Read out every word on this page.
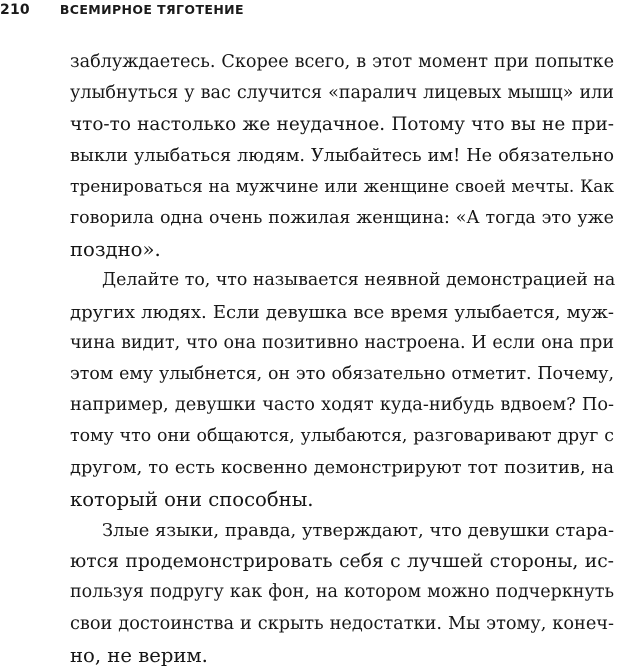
210 ВСЕМИРНОЕ ТЯГОТЕНИЕ

заблуждаетесь. Скорее всего, в этот момент при попытке
улыбнуться у вас случится «паралич лицевых мышц» или
что-то настолько же неудачное. Потому что вы не при-
выкли улыбаться людям. Улыбайтесь им! Не обязательно
тренироваться на мужчине или женщине своей мечты. Как
говорила одна очень пожилая женщина: «А тогда это уже
поздно».

Делайте то, что называется неявной демонстрацией на
других людях. Если девушка все время улыбается, муж-
чина видит, что она позитивно настроена. И если она при
этом ему улыбнется, он это обязательно отметит. Почему,
например, девушки часто ходят куда-нибудь вдвоем? По-
тому что они общаются, улыбаются, разговаривают друг с
другом, то есть косвенно демонстрируют тот позитив, на
который они способны.

Злые языки, правда, утверждают, что девушки стара-
ются продемонстрировать себя с лучшей стороны, ис-
пользуя подругу как фон, на котором можно подчеркнуть
свои достоинства и скрыть недостатки. Мы этому, конеч-
но, не верим.
